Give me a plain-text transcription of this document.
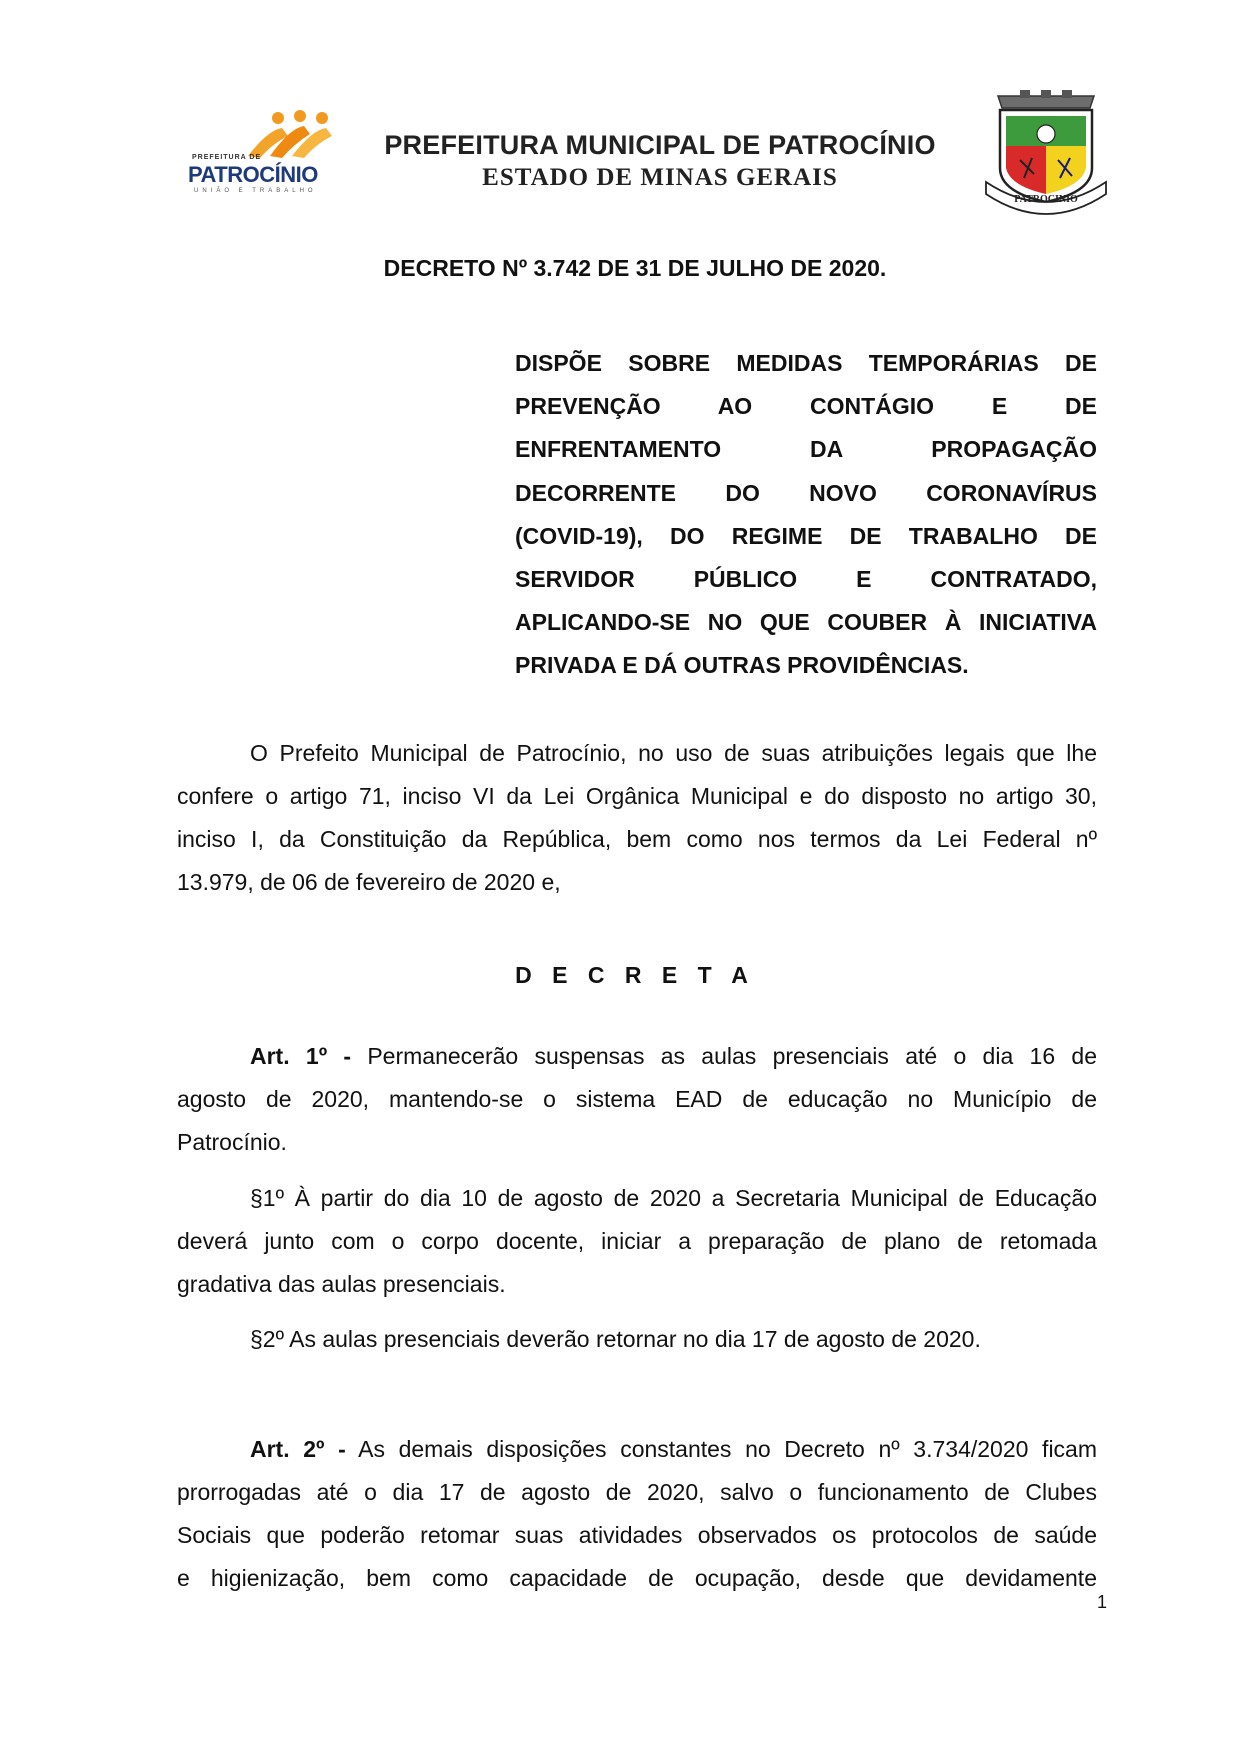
PREFEITURA DE
PATROCÍNIO
UNIÃO E TRABALHO
PREFEITURA MUNICIPAL DE PATROCÍNIO
ESTADO DE MINAS GERAIS
PATROCINIO
DECRETO Nº 3.742 DE 31 DE JULHO DE 2020.
DISPÕE SOBRE MEDIDAS TEMPORÁRIAS DE
PREVENÇÃO AO CONTÁGIO E DE
ENFRENTAMENTO DA PROPAGAÇÃO
DECORRENTE DO NOVO CORONAVÍRUS
(COVID-19), DO REGIME DE TRABALHO DE
SERVIDOR PÚBLICO E CONTRATADO,
APLICANDO-SE NO QUE COUBER À INICIATIVA
PRIVADA E DÁ OUTRAS PROVIDÊNCIAS.
O Prefeito Municipal de Patrocínio, no uso de suas atribuições legais que lhe
confere o artigo 71, inciso VI da Lei Orgânica Municipal e do disposto no artigo 30,
inciso I, da Constituição da República, bem como nos termos da Lei Federal nº
13.979, de 06 de fevereiro de 2020 e,
D E C R E T A
Art. 1º - Permanecerão suspensas as aulas presenciais até o dia 16 de
agosto de 2020, mantendo-se o sistema EAD de educação no Município de
Patrocínio.
§1º À partir do dia 10 de agosto de 2020 a Secretaria Municipal de Educação
deverá junto com o corpo docente, iniciar a preparação de plano de retomada
gradativa das aulas presenciais.
§2º As aulas presenciais deverão retornar no dia 17 de agosto de 2020.
Art. 2º - As demais disposições constantes no Decreto nº 3.734/2020 ficam
prorrogadas até o dia 17 de agosto de 2020, salvo o funcionamento de Clubes
Sociais que poderão retomar suas atividades observados os protocolos de saúde
e higienização, bem como capacidade de ocupação, desde que devidamente
1
